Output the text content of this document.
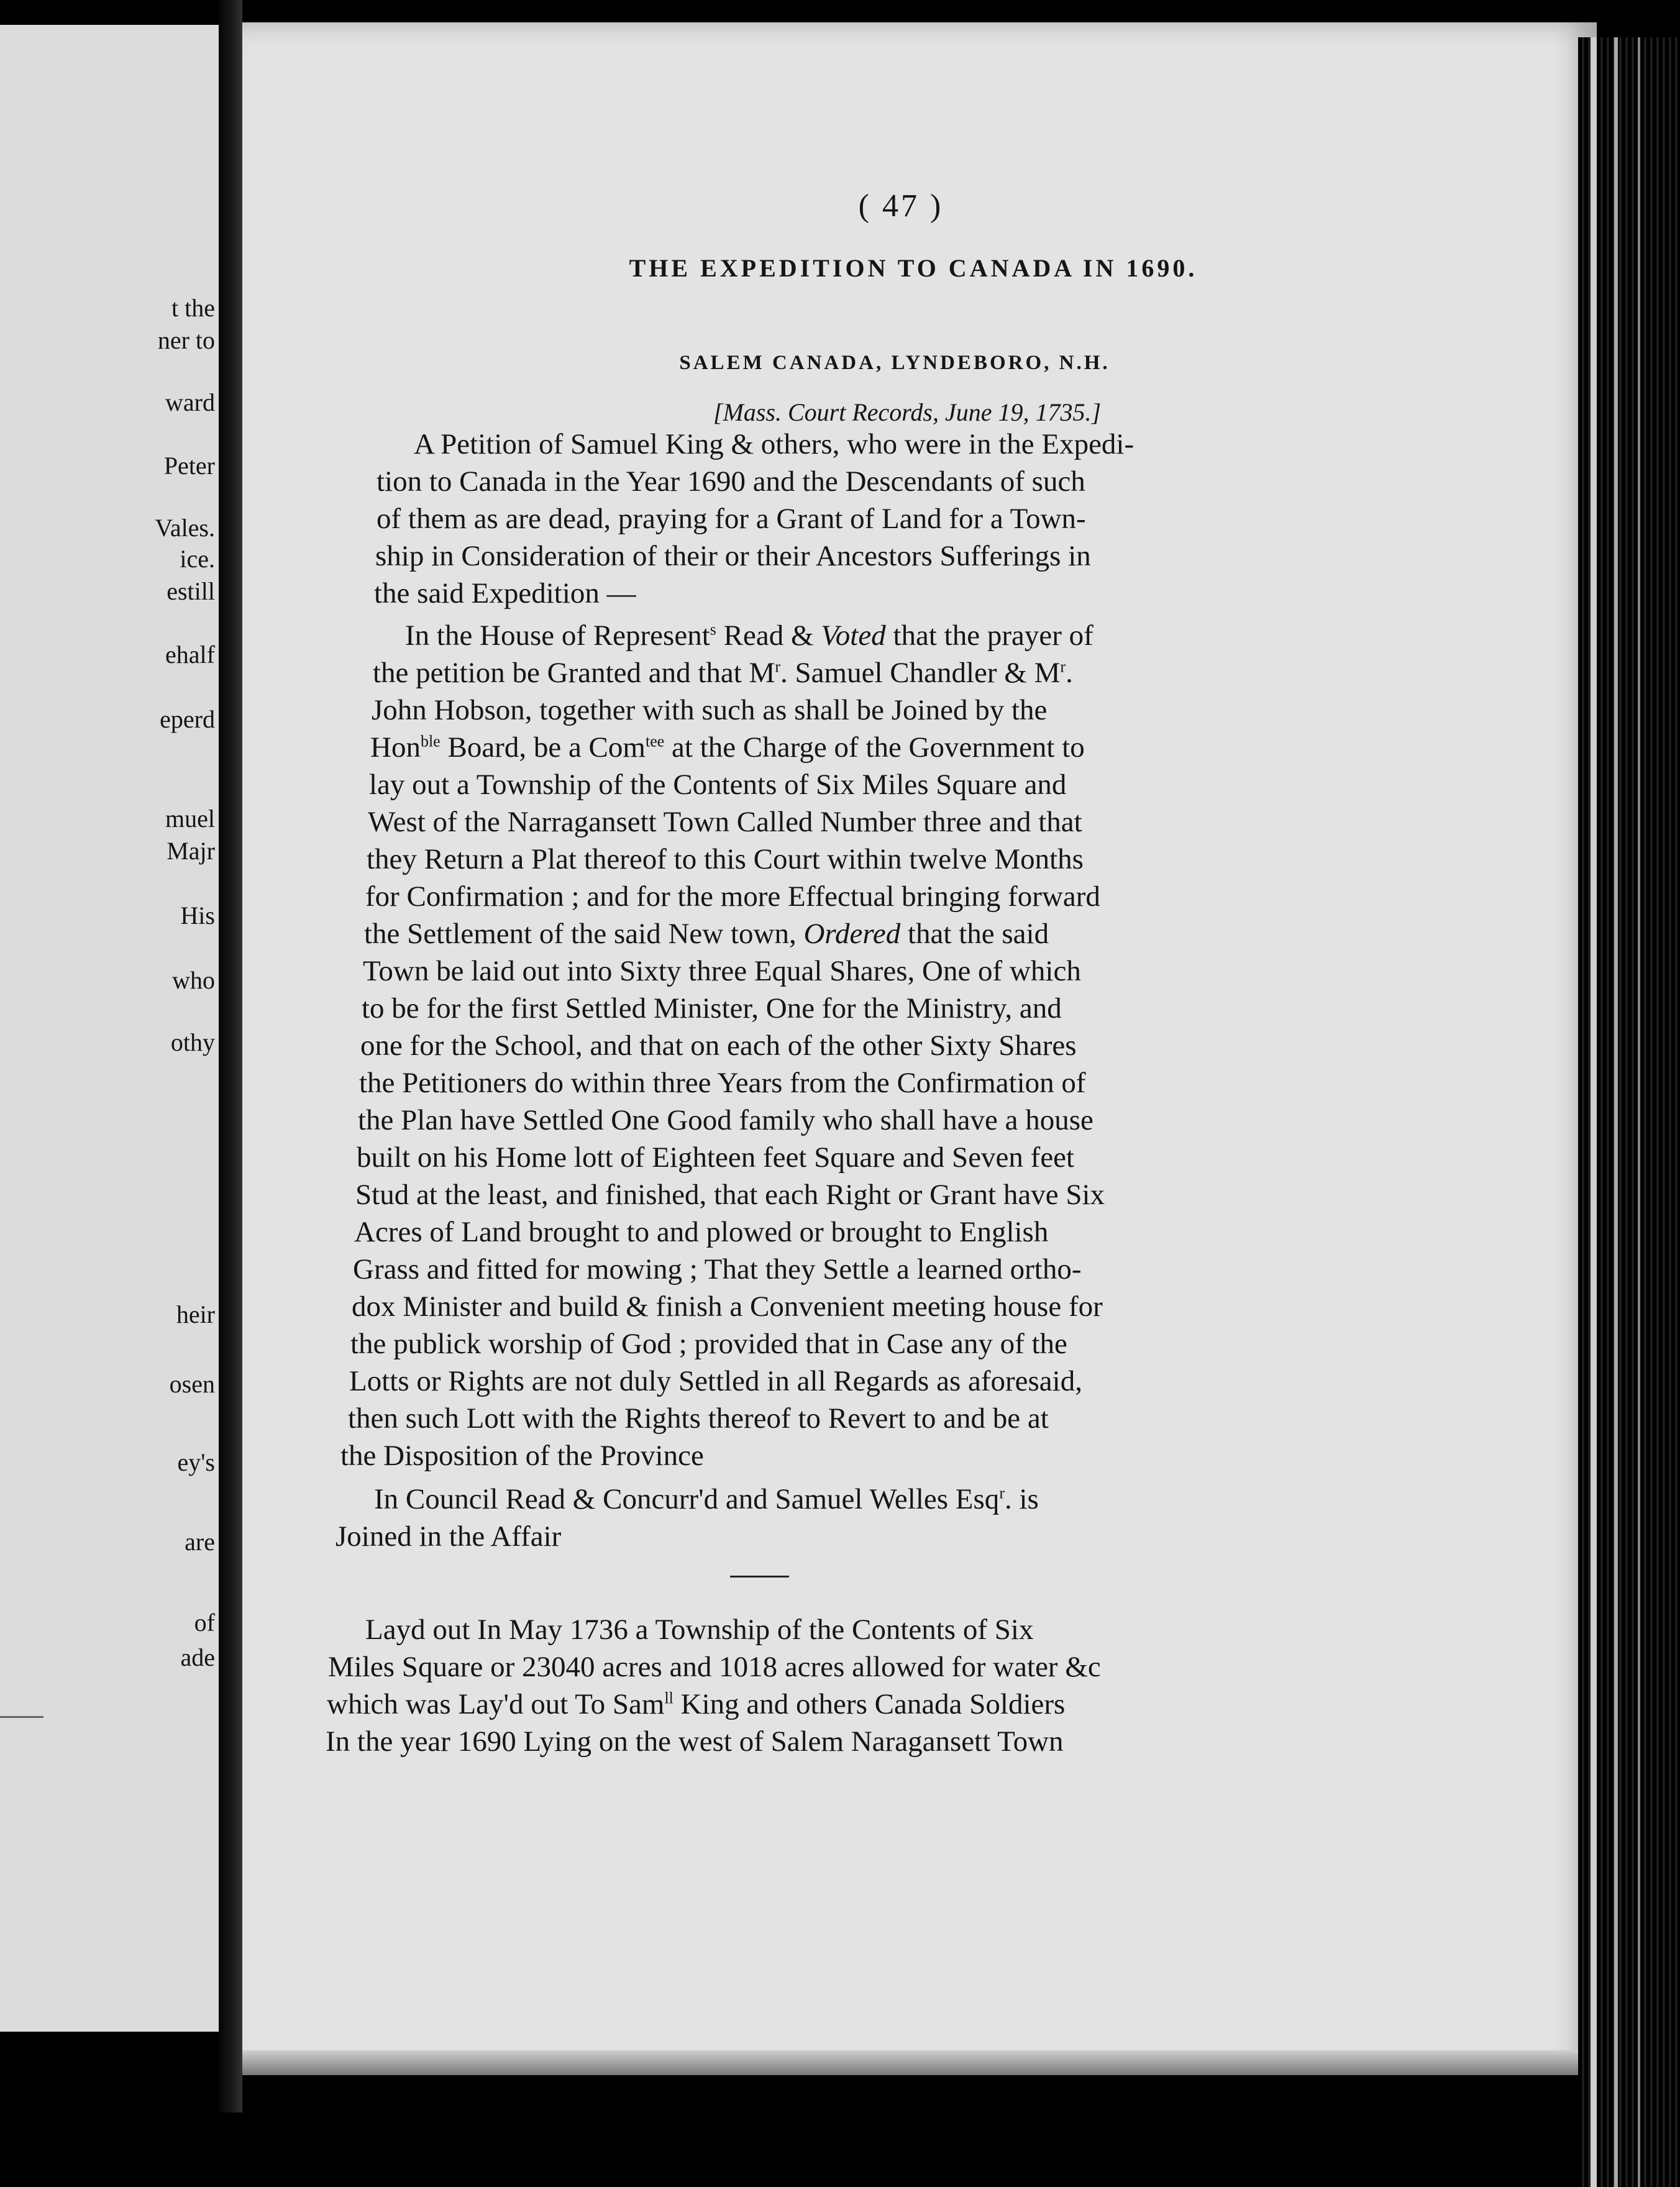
t the
ner to
ward
Peter
Vales.
ice.
estill
ehalf
eperd
muel
Majr
His
who
othy
heir
osen
ey's
are
of
ade
( 47 )
THE EXPEDITION TO CANADA IN 1690.
SALEM CANADA, LYNDEBORO, N.H.
[Mass. Court Records, June 19, 1735.]
A Petition of Samuel King & others, who were in the Expedi-
tion to Canada in the Year 1690 and the Descendants of such
of them as are dead, praying for a Grant of Land for a Town-
ship in Consideration of their or their Ancestors Sufferings in
the said Expedition —
In the House of Represent$^s$ Read & Voted that the prayer of
the petition be Granted and that $M^r$. Samuel Chandler & $M^r$.
John Hobson, together with such as shall be Joined by the
Hon$^{ble}$ Board, be a Com$^{tee}$ at the Charge of the Government to
lay out a Township of the Contents of Six Miles Square and
West of the Narragansett Town Called Number three and that
they Return a Plat thereof to this Court within twelve Months
for Confirmation ; and for the more Effectual bringing forward
the Settlement of the said New town, Ordered that the said
Town be laid out into Sixty three Equal Shares, One of which
to be for the first Settled Minister, One for the Ministry, and
one for the School, and that on each of the other Sixty Shares
the Petitioners do within three Years from the Confirmation of
the Plan have Settled One Good family who shall have a house
built on his Home lott of Eighteen feet Square and Seven feet
Stud at the least, and finished, that each Right or Grant have Six
Acres of Land brought to and plowed or brought to English
Grass and fitted for mowing ; That they Settle a learned ortho-
dox Minister and build & finish a Convenient meeting house for
the publick worship of God ; provided that in Case any of the
Lotts or Rights are not duly Settled in all Regards as aforesaid,
then such Lott with the Rights thereof to Revert to and be at
the Disposition of the Province
In Council Read & Concurr'd and Samuel Welles Esq$^r$. is
Joined in the Affair
Layd out In May 1736 a Township of the Contents of Six
Miles Square or 23040 acres and 1018 acres allowed for water &c
which was Lay'd out To Sam$^{ll}$ King and others Canada Soldiers
In the year 1690 Lying on the west of Salem Naragansett Town
